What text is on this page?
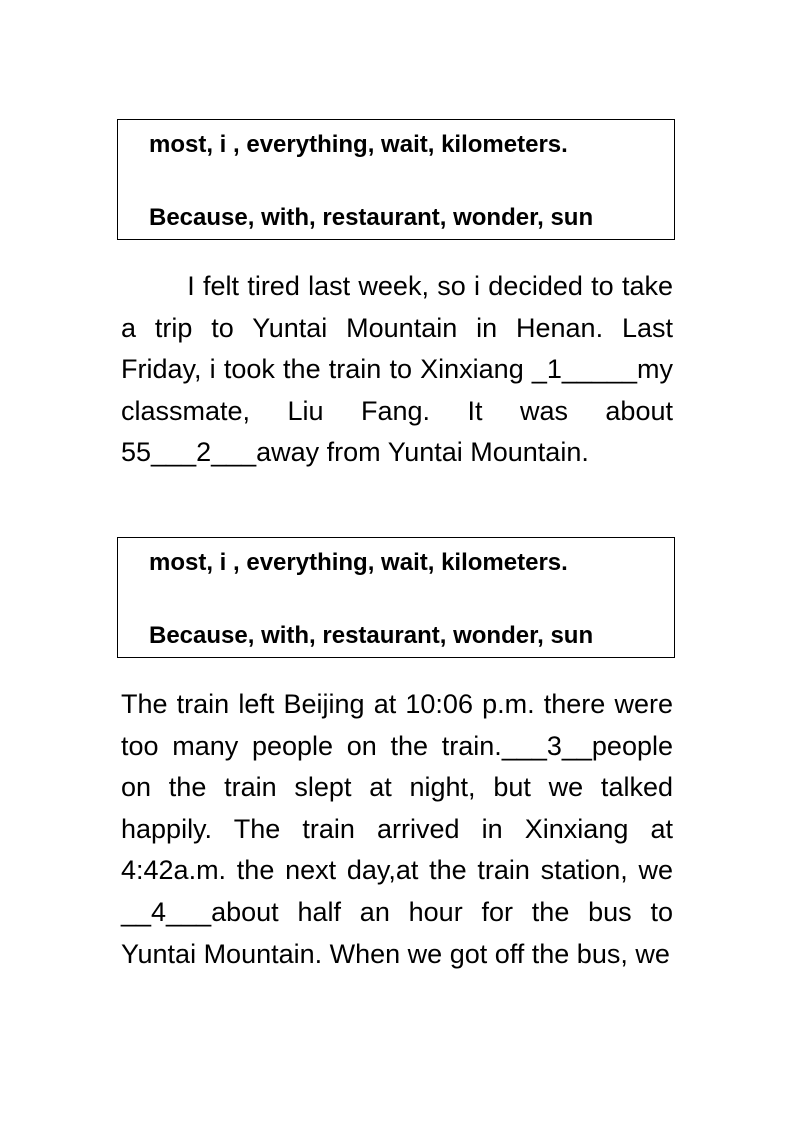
most, i , everything, wait, kilometers.
Because, with, restaurant, wonder, sun

I felt tired last week, so i decided to take a trip to Yuntai Mountain in Henan. Last Friday, i took the train to Xinxiang _1_____my classmate, Liu Fang. It was about 55___2___away from Yuntai Mountain.

most, i , everything, wait, kilometers.
Because, with, restaurant, wonder, sun

The train left Beijing at 10:06 p.m. there were too many people on the train.___3__people on the train slept at night, but we talked happily. The train arrived in Xinxiang at 4:42a.m. the next day,at the train station, we __4___about half an hour for the bus to Yuntai Mountain. When we got off the bus, we
